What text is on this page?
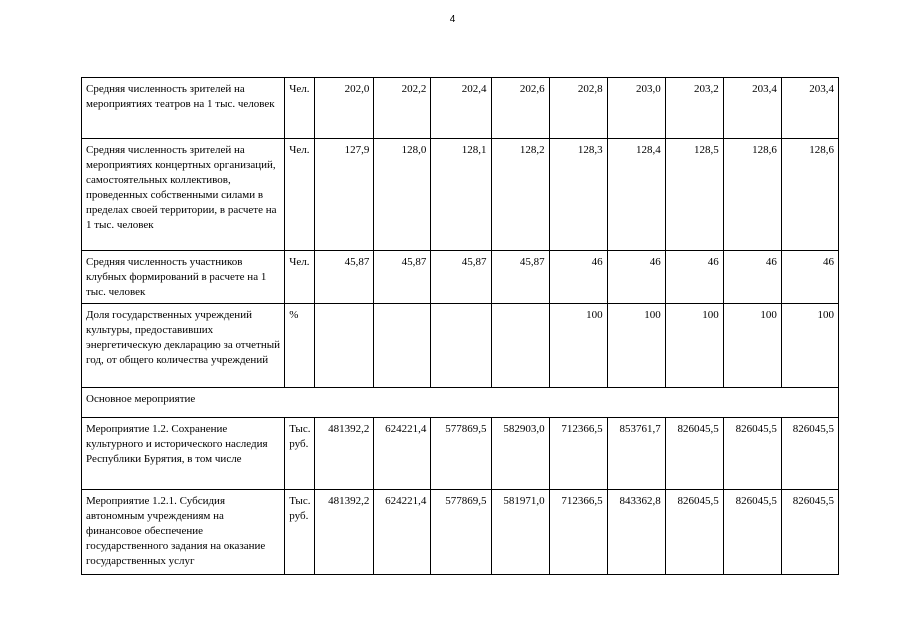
4
Средняя численность зрителей на мероприятиях театров на 1 тыс. человек	Чел.	202,0	202,2	202,4	202,6	202,8	203,0	203,2	203,4	203,4
Средняя численность зрителей на мероприятиях концертных организаций, самостоятельных коллективов, проведенных собственными силами в пределах своей территории, в расчете на 1 тыс. человек	Чел.	127,9	128,0	128,1	128,2	128,3	128,4	128,5	128,6	128,6
Средняя численность участников клубных формирований в расчете на 1 тыс. человек	Чел.	45,87	45,87	45,87	45,87	46	46	46	46	46
Доля государственных учреждений культуры, предоставивших энергетическую декларацию за отчетный год, от общего количества учреждений	%					100	100	100	100	100
Основное мероприятие										
Мероприятие 1.2. Сохранение культурного и исторического наследия Республики Бурятия, в том числе	Тыс. руб.	481392,2	624221,4	577869,5	582903,0	712366,5	853761,7	826045,5	826045,5	826045,5
Мероприятие 1.2.1. Субсидия автономным учреждениям на финансовое обеспечение государственного задания на оказание государственных услуг	Тыс. руб.	481392,2	624221,4	577869,5	581971,0	712366,5	843362,8	826045,5	826045,5	826045,5
